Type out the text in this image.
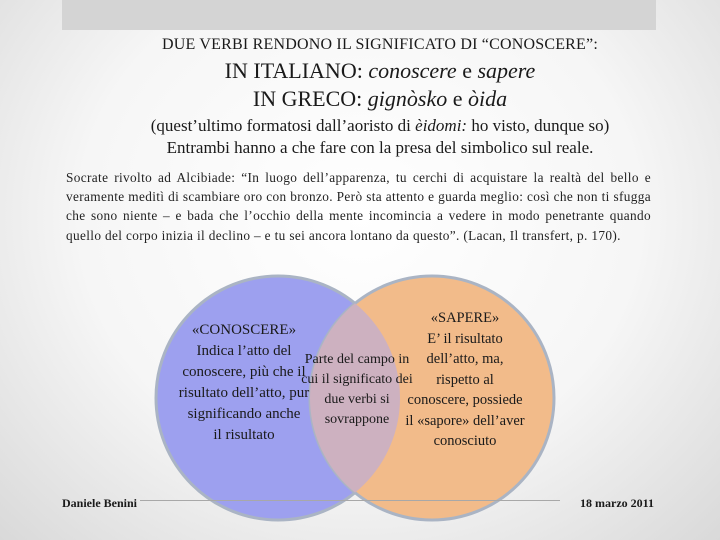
DUE VERBI RENDONO IL SIGNIFICATO DI “CONOSCERE”:
IN ITALIANO: conoscere e sapere
IN GRECO: gignòsko e òida
(quest’ultimo formatosi dall’aoristo di èidomi: ho visto, dunque so)
Entrambi hanno a che fare con la presa del simbolico sul reale.
Socrate rivolto ad Alcibiade: “In luogo dell’apparenza, tu cerchi di acquistare la realtà del bello e veramente meditì di scambiare oro con bronzo. Però sta attento e guarda meglio: così che non ti sfugga che sono niente – e bada che l’occhio della mente incomincia a vedere in modo penetrante quando quello del corpo inizia il declino – e tu sei ancora lontano da questo”. (Lacan, Il transfert, p. 170).
«CONOSCERE»
Indica l’atto del conoscere, più che il risultato dell’atto, pur significando anche
il risultato
Parte del campo in cui il significato dei due verbi si sovrappone
«SAPERE»
E’ il risultato dell’atto, ma, rispetto al conoscere, possiede il «sapore» dell’aver conosciuto
Daniele Benini	18 marzo 2011
